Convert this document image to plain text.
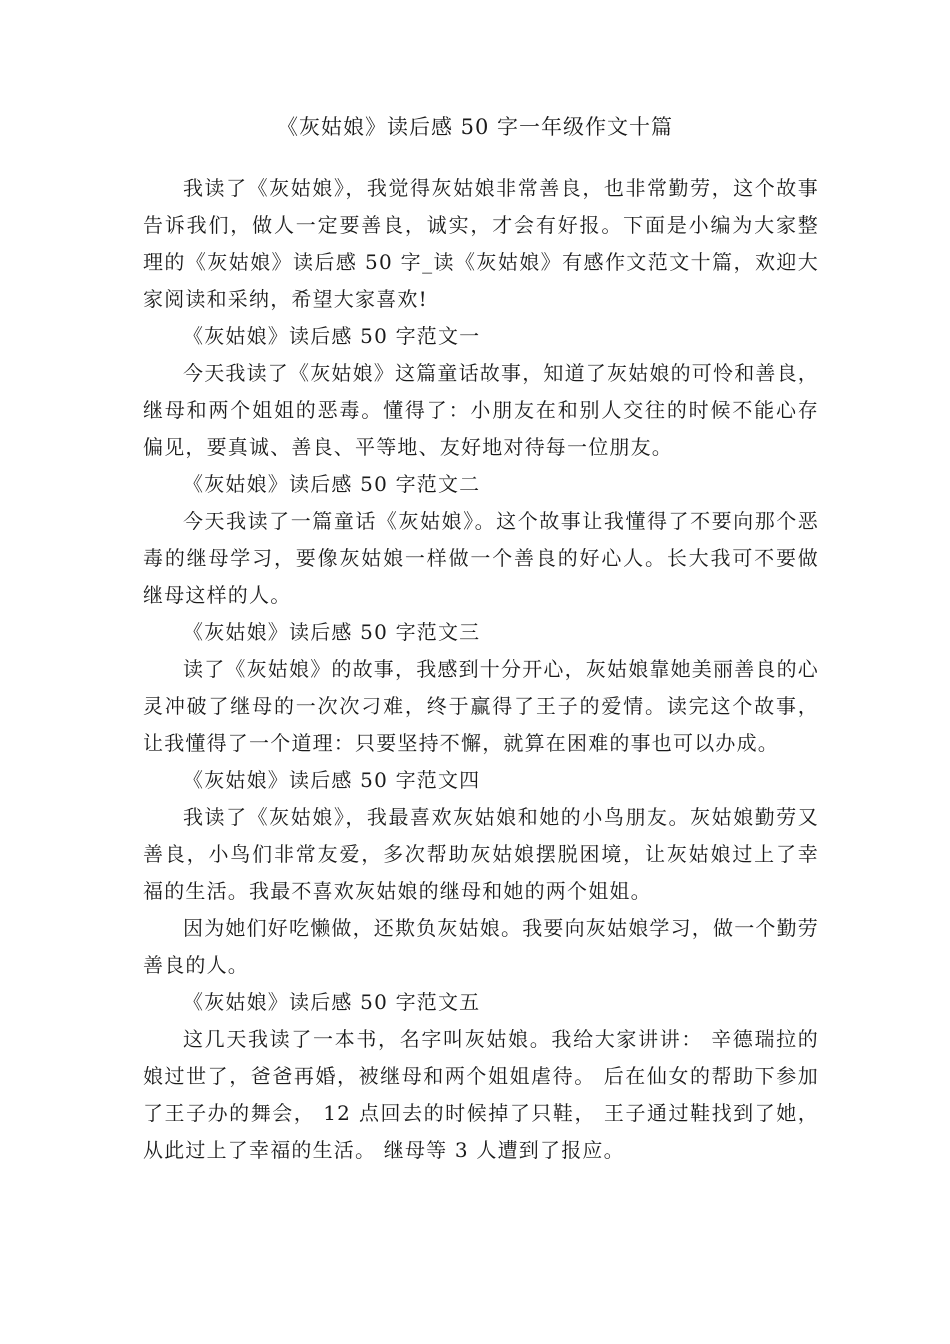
《灰姑娘》读后感 50 字一年级作文十篇

我读了《灰姑娘》，我觉得灰姑娘非常善良，也非常勤劳，这个故事告诉我们，做人一定要善良，诚实，才会有好报。下面是小编为大家整理的《灰姑娘》读后感 50 字_读《灰姑娘》有感作文范文十篇，欢迎大家阅读和采纳，希望大家喜欢!

《灰姑娘》读后感 50 字范文一

今天我读了《灰姑娘》这篇童话故事，知道了灰姑娘的可怜和善良，继母和两个姐姐的恶毒。懂得了：小朋友在和别人交往的时候不能心存偏见，要真诚、善良、平等地、友好地对待每一位朋友。

《灰姑娘》读后感 50 字范文二

今天我读了一篇童话《灰姑娘》。这个故事让我懂得了不要向那个恶毒的继母学习，要像灰姑娘一样做一个善良的好心人。长大我可不要做继母这样的人。

《灰姑娘》读后感 50 字范文三

读了《灰姑娘》的故事，我感到十分开心，灰姑娘靠她美丽善良的心灵冲破了继母的一次次刁难，终于赢得了王子的爱情。读完这个故事，让我懂得了一个道理：只要坚持不懈，就算在困难的事也可以办成。

《灰姑娘》读后感 50 字范文四

我读了《灰姑娘》，我最喜欢灰姑娘和她的小鸟朋友。灰姑娘勤劳又善良，小鸟们非常友爱，多次帮助灰姑娘摆脱困境，让灰姑娘过上了幸福的生活。我最不喜欢灰姑娘的继母和她的两个姐姐。

因为她们好吃懒做，还欺负灰姑娘。我要向灰姑娘学习，做一个勤劳善良的人。

《灰姑娘》读后感 50 字范文五

这几天我读了一本书，名字叫灰姑娘。我给大家讲讲： 辛德瑞拉的娘过世了，爸爸再婚，被继母和两个姐姐虐待。 后在仙女的帮助下参加了王子办的舞会， 12 点回去的时候掉了只鞋， 王子通过鞋找到了她， 从此过上了幸福的生活。 继母等 3 人遭到了报应。
